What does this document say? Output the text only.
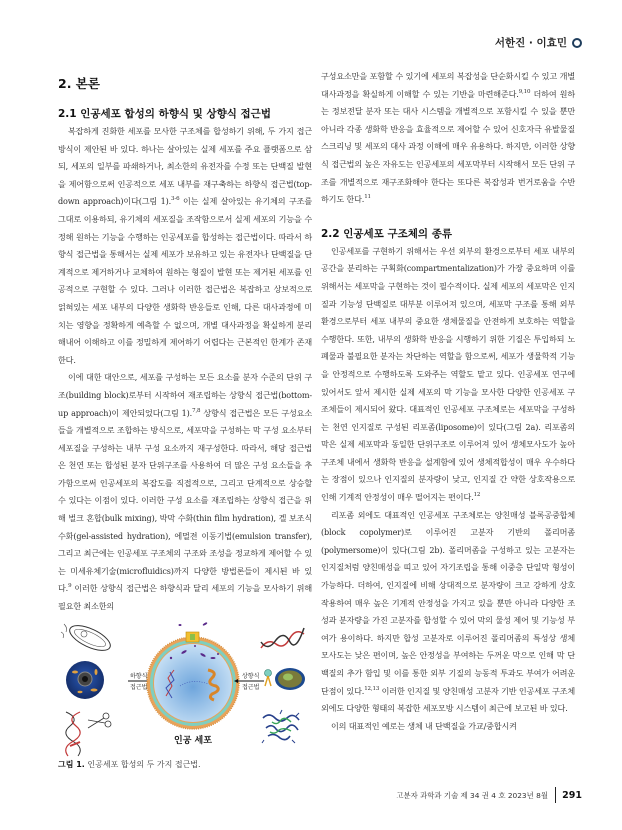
서한진 · 이효민
2. 본론
2.1 인공세포 합성의 하향식 및 상향식 접근법

복잡하게 진화한 세포를 모사한 구조체를 합성하기 위해, 두 가지 접근 방식이 제안된 바 있다. 하나는 살아있는 실제 세포를 주요 플랫폼으로 삼되, 세포의 일부를 파쇄하거나, 최소한의 유전자를 수정 또는 단백질 발현을 제어함으로써 인공적으로 세포 내부를 재구축하는 하향식 접근법(top-down approach)이다(그림 1).$^{3-6}$ 이는 실제 살아있는 유기체의 구조를 그대로 이용하되, 유기체의 세포질을 조작함으로서 실제 세포의 기능을 수정해 원하는 기능을 수행하는 인공세포를 합성하는 접근법이다. 따라서 하향식 접근법을 통해서는 실제 세포가 보유하고 있는 유전자나 단백질을 단계적으로 제거하거나 교체하여 원하는 형질이 발현 또는 제거된 세포를 인공적으로 구현할 수 있다. 그러나 이러한 접근법은 복잡하고 상보적으로 얽혀있는 세포 내부의 다양한 생화학 반응들로 인해, 다른 대사과정에 미치는 영향을 정확하게 예측할 수 없으며, 개별 대사과정을 확실하게 분리해내어 이해하고 이를 정밀하게 제어하기 어렵다는 근본적인 한계가 존재한다.

이에 대한 대안으로, 세포를 구성하는 모든 요소를 분자 수준의 단위 구조(building block)로부터 시작하여 재조립하는 상향식 접근법(bottom-up approach)이 제안되었다(그림 1).$^{7,8}$ 상향식 접근법은 모든 구성요소들을 개별적으로 조합하는 방식으로, 세포막을 구성하는 막 구성 요소부터 세포질을 구성하는 내부 구성 요소까지 재구성한다. 따라서, 해당 접근법은 천연 또는 합성된 분자 단위구조를 사용하여 더 많은 구성 요소들을 추가함으로써 인공세포의 복잡도를 직접적으로, 그리고 단계적으로 상승할 수 있다는 이점이 있다. 이러한 구성 요소를 재조립하는 상향식 접근을 위해 벌크 혼합(bulk mixing), 박막 수화(thin film hydration), 겔 보조식 수화(gel-assisted hydration), 에멀젼 이동기법(emulsion transfer), 그리고 최근에는 인공세포 구조체의 구조와 조성을 정교하게 제어할 수 있는 미세유체기술(microfluidics)까지 다양한 방법론들이 제시된 바 있다.$^9$ 이러한 상향식 접근법은 하향식과 달리 세포의 기능을 모사하기 위해 필요한 최소한의

하향식
접근법
인공 세포
상향식
접근법
그림 1. 인공세포 합성의 두 가지 접근법.

구성요소만을 포함할 수 있기에 세포의 복잡성을 단순화시킬 수 있고 개별 대사과정을 확실하게 이해할 수 있는 기반을 마련해준다.$^{9,10}$ 더하여 원하는 정보전달 분자 또는 대사 시스템을 개별적으로 포함시킬 수 있을 뿐만 아니라 각종 생화학 반응을 효율적으로 제어할 수 있어 신호자극 유발물질 스크리닝 및 세포의 대사 과정 이해에 매우 유용하다. 하지만, 이러한 상향식 접근법의 높은 자유도는 인공세포의 세포막부터 시작해서 모든 단위 구조를 개별적으로 재구조화해야 한다는 또다른 복잡성과 번거로움을 수반하기도 한다.$^{11}$

2.2 인공세포 구조체의 종류

인공세포를 구현하기 위해서는 우선 외부의 환경으로부터 세포 내부의 공간을 분리하는 구획화(compartmentalization)가 가장 중요하며 이를 위해서는 세포막을 구현하는 것이 필수적이다. 실제 세포의 세포막은 인지질과 기능성 단백질로 대부분 이루어져 있으며, 세포막 구조를 통해 외부 환경으로부터 세포 내부의 중요한 생체물질을 안전하게 보호하는 역할을 수행한다. 또한, 내부의 생화학 반응을 시행하기 위한 기질은 투입하되 노폐물과 불필요한 분자는 차단하는 역할을 함으로써, 세포가 생물학적 기능을 안정적으로 수행하도록 도와주는 역할도 맡고 있다. 인공세포 연구에 있어서도 앞서 제시한 실제 세포의 막 기능을 모사한 다양한 인공세포 구조체들이 제시되어 왔다. 대표적인 인공세포 구조체로는 세포막을 구성하는 천연 인지질로 구성된 리포좀(liposome)이 있다(그림 2a). 리포좀의 막은 실제 세포막과 동일한 단위구조로 이루어져 있어 생체모사도가 높아 구조체 내에서 생화학 반응을 설계함에 있어 생체적합성이 매우 우수하다는 장점이 있으나 인지질의 분자량이 낮고, 인지질 간 약한 상호작용으로 인해 기계적 안정성이 매우 떨어지는 편이다.$^{12}$

리포좀 외에도 대표적인 인공세포 구조체로는 양친매성 블록공중합체(block copolymer)로 이루어진 고분자 기반의 폴리머좀(polymersome)이 있다(그림 2b). 폴리머좀을 구성하고 있는 고분자는 인지질처럼 양친매성을 띠고 있어 자기조립을 통해 이중층 단일막 형성이 가능하다. 더하여, 인지질에 비해 상대적으로 분자량이 크고 강하게 상호작용하여 매우 높은 기계적 안정성을 가지고 있을 뿐만 아니라 다양한 조성과 분자량을 가진 고분자를 합성할 수 있어 막의 물성 제어 및 기능성 부여가 용이하다. 하지만 합성 고분자로 이루어진 폴리머좀의 특성상 생체 모사도는 낮은 편이며, 높은 안정성을 부여하는 두꺼운 막으로 인해 막 단백질의 추가 함입 및 이를 통한 외부 기질의 능동적 투과도 부여가 어려운 단점이 있다.$^{12,13}$ 이러한 인지질 및 양친매성 고분자 기반 인공세포 구조체 외에도 다양한 형태의 복잡한 세포모방 시스템이 최근에 보고된 바 있다.

이의 대표적인 예로는 생체 내 단백질을 가교/중합시켜

고분자 과학과 기술 제 34 권 4 호 2023년 8월 291
